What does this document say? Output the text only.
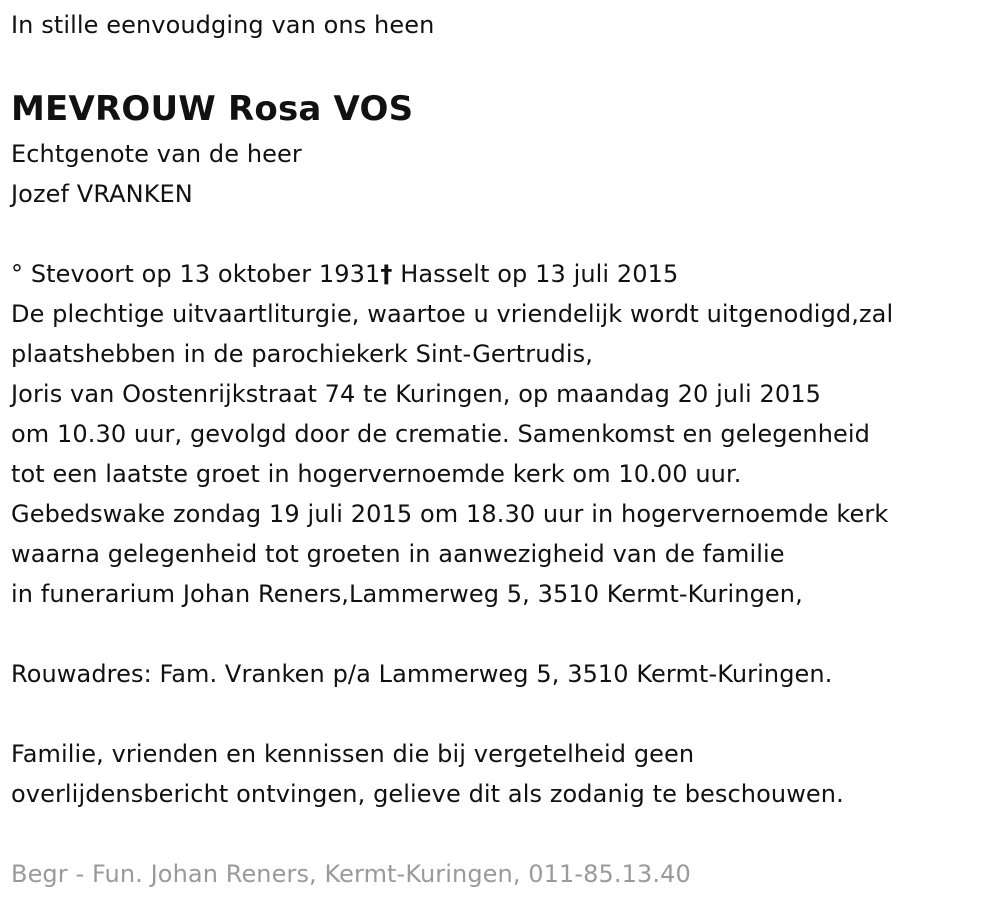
In stille eenvoudging van ons heen
MEVROUW Rosa VOS
Echtgenote van de heer
Jozef VRANKEN
° Stevoort op 13 oktober 1931† Hasselt op 13 juli 2015
De plechtige uitvaartliturgie, waartoe u vriendelijk wordt uitgenodigd,zal
plaatshebben in de parochiekerk Sint-Gertrudis,
Joris van Oostenrijkstraat 74 te Kuringen, op maandag 20 juli 2015
om 10.30 uur, gevolgd door de crematie. Samenkomst en gelegenheid
tot een laatste groet in hogervernoemde kerk om 10.00 uur.
Gebedswake zondag 19 juli 2015 om 18.30 uur in hogervernoemde kerk
waarna gelegenheid tot groeten in aanwezigheid van de familie
in funerarium Johan Reners,Lammerweg 5, 3510 Kermt-Kuringen,
Rouwadres: Fam. Vranken p/a Lammerweg 5, 3510 Kermt-Kuringen.
Familie, vrienden en kennissen die bij vergetelheid geen
overlijdensbericht ontvingen, gelieve dit als zodanig te beschouwen.
Begr - Fun. Johan Reners, Kermt-Kuringen, 011-85.13.40
